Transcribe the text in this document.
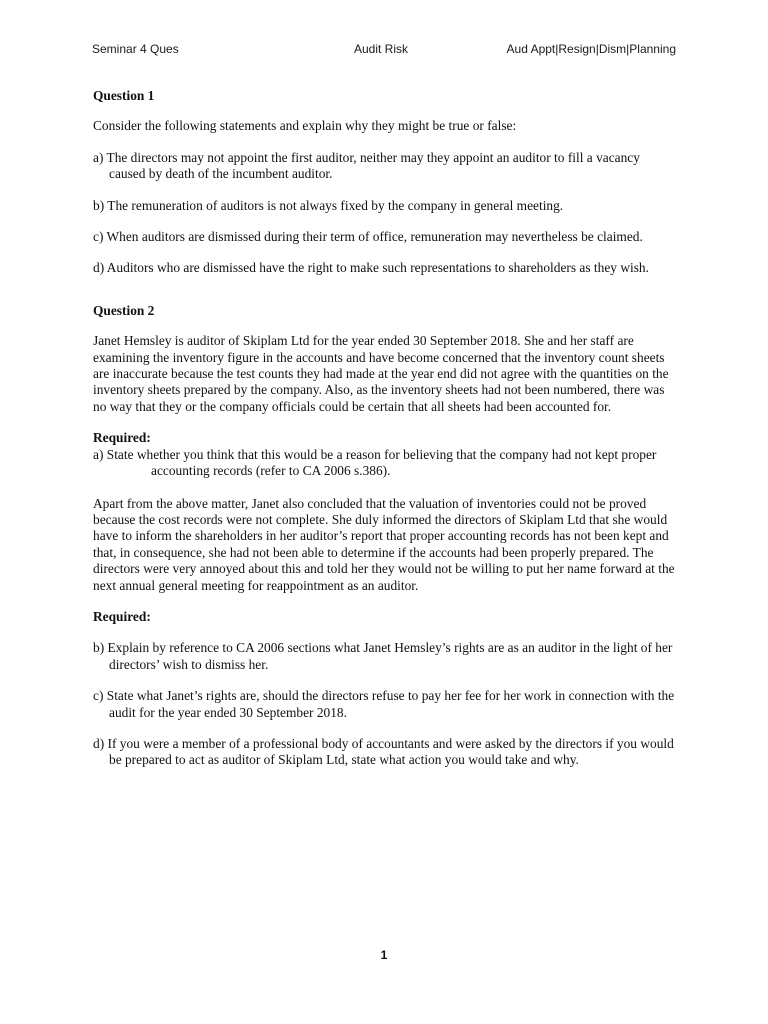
Seminar 4 Ques	Audit Risk	Aud Appt|Resign|Dism|Planning

Question 1

Consider the following statements and explain why they might be true or false:

a) The directors may not appoint the first auditor, neither may they appoint an auditor to fill a vacancy caused by death of the incumbent auditor.

b) The remuneration of auditors is not always fixed by the company in general meeting.

c) When auditors are dismissed during their term of office, remuneration may nevertheless be claimed.

d) Auditors who are dismissed have the right to make such representations to shareholders as they wish.

Question 2

Janet Hemsley is auditor of Skiplam Ltd for the year ended 30 September 2018. She and her staff are examining the inventory figure in the accounts and have become concerned that the inventory count sheets are inaccurate because the test counts they had made at the year end did not agree with the quantities on the inventory sheets prepared by the company. Also, as the inventory sheets had not been numbered, there was no way that they or the company officials could be certain that all sheets had been accounted for.

Required:

a) State whether you think that this would be a reason for believing that the company had not kept proper accounting records (refer to CA 2006 s.386).

Apart from the above matter, Janet also concluded that the valuation of inventories could not be proved because the cost records were not complete. She duly informed the directors of Skiplam Ltd that she would have to inform the shareholders in her auditor’s report that proper accounting records has not been kept and that, in consequence, she had not been able to determine if the accounts had been properly prepared. The directors were very annoyed about this and told her they would not be willing to put her name forward at the next annual general meeting for reappointment as an auditor.

Required:

b) Explain by reference to CA 2006 sections what Janet Hemsley’s rights are as an auditor in the light of her directors’ wish to dismiss her.

c) State what Janet’s rights are, should the directors refuse to pay her fee for her work in connection with the audit for the year ended 30 September 2018.

d) If you were a member of a professional body of accountants and were asked by the directors if you would be prepared to act as auditor of Skiplam Ltd, state what action you would take and why.

1
